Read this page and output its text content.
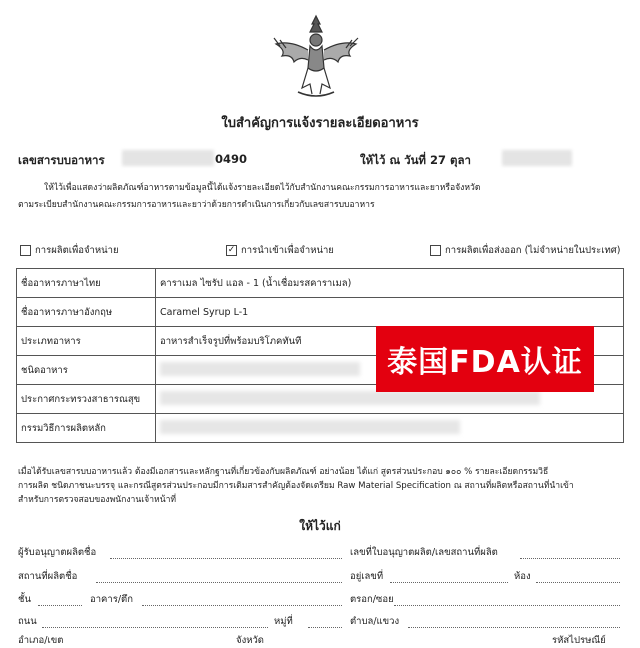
ใบสำคัญการแจ้งรายละเอียดอาหาร
เลขสารบบอาหาร	0490	ให้ไว้ ณ วันที่ 27 ตุลา

ให้ไว้เพื่อแสดงว่าผลิตภัณฑ์อาหารตามข้อมูลนี้ได้แจ้งรายละเอียดไว้กับสำนักงานคณะกรรมการอาหารและยาหรือจังหวัด

ตามระเบียบสำนักงานคณะกรรมการอาหารและยาว่าด้วยการดำเนินการเกี่ยวกับเลขสารบบอาหาร

การผลิตเพื่อจำหน่าย	✓ การนำเข้าเพื่อจำหน่าย	การผลิตเพื่อส่งออก (ไม่จำหน่ายในประเทศ)
ชื่ออาหารภาษาไทย	คาราเมล ไซรัป แอล - 1 (น้ำเชื่อมรสคาราเมล)
ชื่ออาหารภาษาอังกฤษ	Caramel Syrup L-1
ประเภทอาหาร	อาหารสำเร็จรูปที่พร้อมบริโภคทันที
ชนิดอาหาร	
ประกาศกระทรวงสาธารณสุข	
กรรมวิธีการผลิตหลัก	
泰国FDA认证

เมื่อได้รับเลขสารบบอาหารแล้ว ต้องมีเอกสารและหลักฐานที่เกี่ยวข้องกับผลิตภัณฑ์ อย่างน้อย ได้แก่ สูตรส่วนประกอบ ๑๐๐ % รายละเอียดกรรมวิธี

การผลิต ชนิดภาชนะบรรจุ และกรณีสูตรส่วนประกอบมีการเติมสารสำคัญต้องจัดเตรียม Raw Material Specification ณ สถานที่ผลิตหรือสถานที่นำเข้า

สำหรับการตรวจสอบของพนักงานเจ้าหน้าที่

ให้ไว้แก่
ผู้รับอนุญาตผลิตชื่อ	เลขที่ใบอนุญาตผลิต/เลขสถานที่ผลิต
สถานที่ผลิตชื่อ	อยู่เลขที่	ห้อง
ชั้น	อาคาร/ตึก	ตรอก/ซอย
ถนน	หมู่ที่	ตำบล/แขวง
อำเภอ/เขต	จังหวัด	รหัสไปรษณีย์
